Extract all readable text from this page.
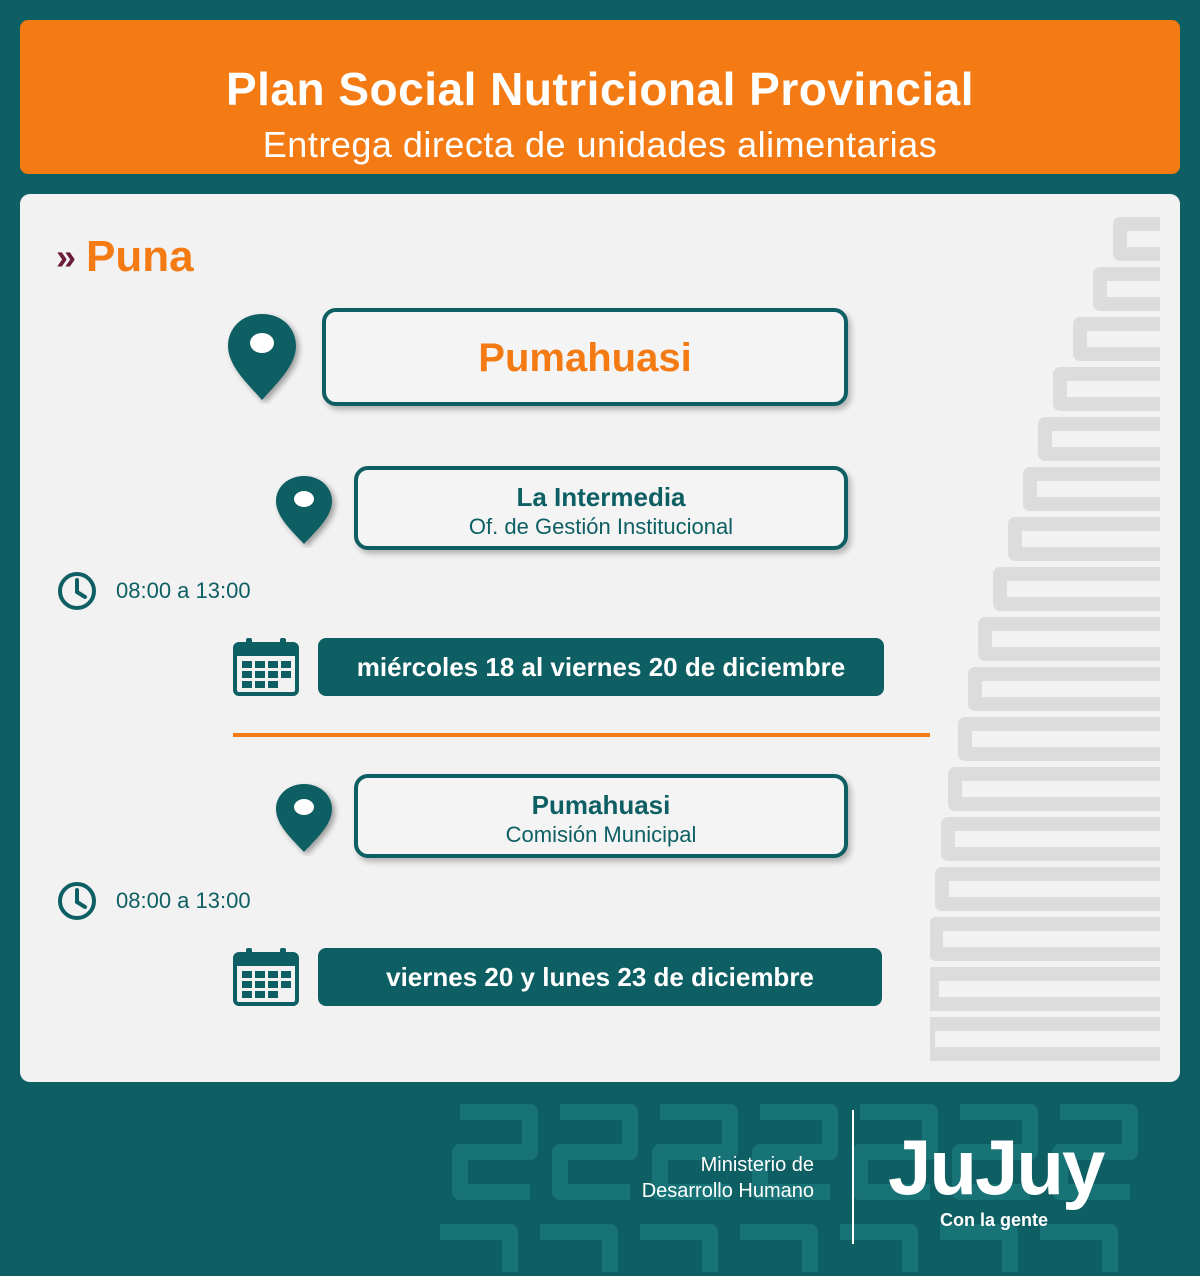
Plan Social Nutricional Provincial
Entrega directa de unidades alimentarias
» Puna
Pumahuasi
La Intermedia
Of. de Gestión Institucional
08:00 a 13:00
miércoles 18 al viernes 20 de diciembre
Pumahuasi
Comisión Municipal
08:00 a 13:00
viernes 20 y lunes 23 de diciembre
Ministerio de
Desarrollo Humano JuJuy
Con la gente
